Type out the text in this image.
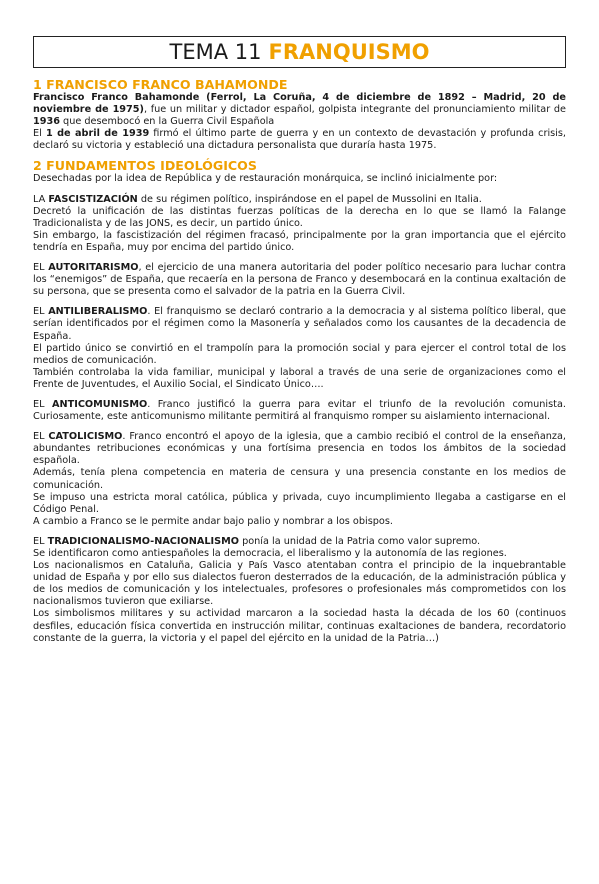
TEMA 11 FRANQUISMO
1 FRANCISCO FRANCO BAHAMONDE

Francisco Franco Bahamonde (Ferrol, La Coruña, 4 de diciembre de 1892 – Madrid, 20 de noviembre de 1975), fue un militar y dictador español, golpista integrante del pronunciamiento militar de 1936 que desembocó en la Guerra Civil Española

El 1 de abril de 1939 firmó el último parte de guerra y en un contexto de devastación y profunda crisis, declaró su victoria y estableció una dictadura personalista que duraría hasta 1975.

2 FUNDAMENTOS IDEOLÓGICOS

Desechadas por la idea de República y de restauración monárquica, se inclinó inicialmente por:

LA FASCISTIZACIÓN de su régimen político, inspirándose en el papel de Mussolini en Italia.

Decretó la unificación de las distintas fuerzas políticas de la derecha en lo que se llamó la Falange Tradicionalista y de las JONS, es decir, un partido único.

Sin embargo, la fascistización del régimen fracasó, principalmente por la gran importancia que el ejército tendría en España, muy por encima del partido único.

EL AUTORITARISMO, el ejercicio de una manera autoritaria del poder político necesario para luchar contra los “enemigos” de España, que recaería en la persona de Franco y desembocará en la continua exaltación de su persona, que se presenta como el salvador de la patria en la Guerra Civil.

EL ANTILIBERALISMO. El franquismo se declaró contrario a la democracia y al sistema político liberal, que serían identificados por el régimen como la Masonería y señalados como los causantes de la decadencia de España.

El partido único se convirtió en el trampolín para la promoción social y para ejercer el control total de los medios de comunicación.

También controlaba la vida familiar, municipal y laboral a través de una serie de organizaciones como el Frente de Juventudes, el Auxilio Social, el Sindicato Único….

EL ANTICOMUNISMO. Franco justificó la guerra para evitar el triunfo de la revolución comunista. Curiosamente, este anticomunismo militante permitirá al franquismo romper su aislamiento internacional.

EL CATOLICISMO. Franco encontró el apoyo de la iglesia, que a cambio recibió el control de la enseñanza, abundantes retribuciones económicas y una fortísima presencia en todos los ámbitos de la sociedad española.

Además, tenía plena competencia en materia de censura y una presencia constante en los medios de comunicación.

Se impuso una estricta moral católica, pública y privada, cuyo incumplimiento llegaba a castigarse en el Código Penal.

A cambio a Franco se le permite andar bajo palio y nombrar a los obispos.

EL TRADICIONALISMO-NACIONALISMO ponía la unidad de la Patria como valor supremo.

Se identificaron como antiespañoles la democracia, el liberalismo y la autonomía de las regiones.

Los nacionalismos en Cataluña, Galicia y País Vasco atentaban contra el principio de la inquebrantable unidad de España y por ello sus dialectos fueron desterrados de la educación, de la administración pública y de los medios de comunicación y los intelectuales, profesores o profesionales más comprometidos con los nacionalismos tuvieron que exiliarse.

Los simbolismos militares y su actividad marcaron a la sociedad hasta la década de los 60 (continuos desfiles, educación física convertida en instrucción militar, continuas exaltaciones de bandera, recordatorio constante de la guerra, la victoria y el papel del ejército en la unidad de la Patria…)
